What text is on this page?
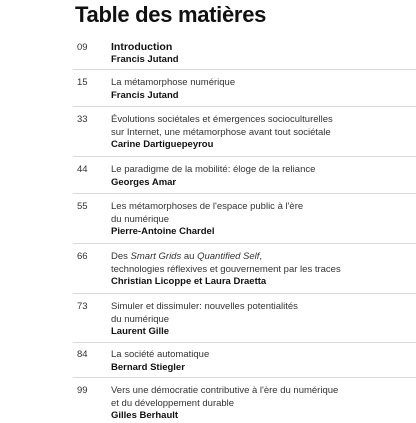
Table des matières
09 Introduction
Francis Jutand
15 La métamorphose numérique
Francis Jutand
33 Évolutions sociétales et émergences socioculturelles
sur Internet, une métamorphose avant tout sociétale
Carine Dartiguepeyrou
44 Le paradigme de la mobilité: éloge de la reliance
Georges Amar
55 Les métamorphoses de l'espace public à l'ère
du numérique
Pierre-Antoine Chardel
66 Des Smart Grids au Quantified Self,
technologies réflexives et gouvernement par les traces
Christian Licoppe et Laura Draetta
73 Simuler et dissimuler: nouvelles potentialités
du numérique
Laurent Gille
84 La société automatique
Bernard Stiegler
99 Vers une démocratie contributive à l'ère du numérique
et du développement durable
Gilles Berhault
